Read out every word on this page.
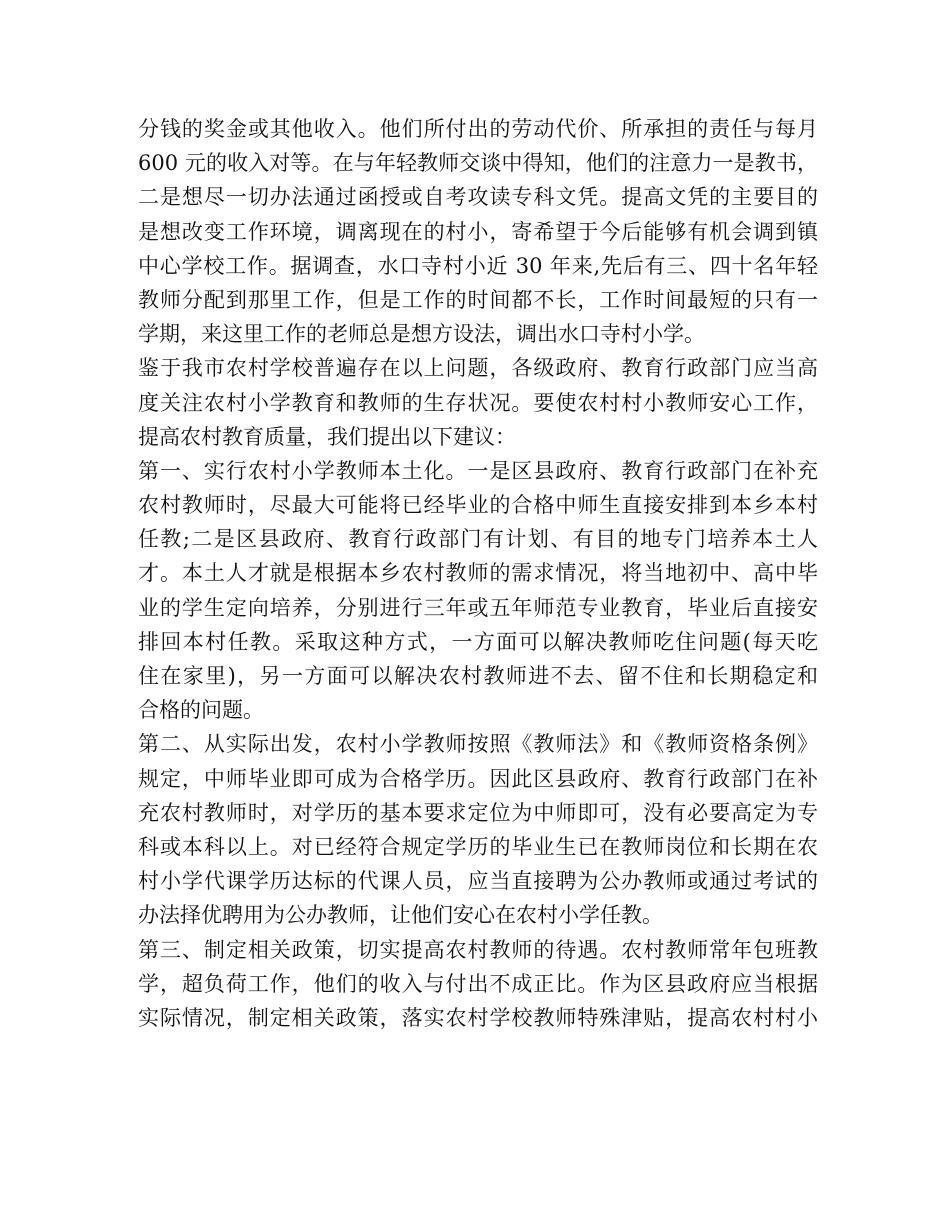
分钱的奖金或其他收入。他们所付出的劳动代价、所承担的责任与每月
600 元的收入对等。在与年轻教师交谈中得知，他们的注意力一是教书，
二是想尽一切办法通过函授或自考攻读专科文凭。提高文凭的主要目的
是想改变工作环境，调离现在的村小，寄希望于今后能够有机会调到镇
中心学校工作。据调查，水口寺村小近 30 年来,先后有三、四十名年轻
教师分配到那里工作，但是工作的时间都不长，工作时间最短的只有一
学期，来这里工作的老师总是想方设法，调出水口寺村小学。
鉴于我市农村学校普遍存在以上问题，各级政府、教育行政部门应当高
度关注农村小学教育和教师的生存状况。要使农村村小教师安心工作，
提高农村教育质量，我们提出以下建议：
第一、实行农村小学教师本土化。一是区县政府、教育行政部门在补充
农村教师时，尽最大可能将已经毕业的合格中师生直接安排到本乡本村
任教;二是区县政府、教育行政部门有计划、有目的地专门培养本土人
才。本土人才就是根据本乡农村教师的需求情况，将当地初中、高中毕
业的学生定向培养，分别进行三年或五年师范专业教育，毕业后直接安
排回本村任教。采取这种方式，一方面可以解决教师吃住问题(每天吃
住在家里)，另一方面可以解决农村教师进不去、留不住和长期稳定和
合格的问题。
第二、从实际出发，农村小学教师按照《教师法》和《教师资格条例》
规定，中师毕业即可成为合格学历。因此区县政府、教育行政部门在补
充农村教师时，对学历的基本要求定位为中师即可，没有必要高定为专
科或本科以上。对已经符合规定学历的毕业生已在教师岗位和长期在农
村小学代课学历达标的代课人员，应当直接聘为公办教师或通过考试的
办法择优聘用为公办教师，让他们安心在农村小学任教。
第三、制定相关政策，切实提高农村教师的待遇。农村教师常年包班教
学，超负荷工作，他们的收入与付出不成正比。作为区县政府应当根据
实际情况，制定相关政策，落实农村学校教师特殊津贴，提高农村村小
